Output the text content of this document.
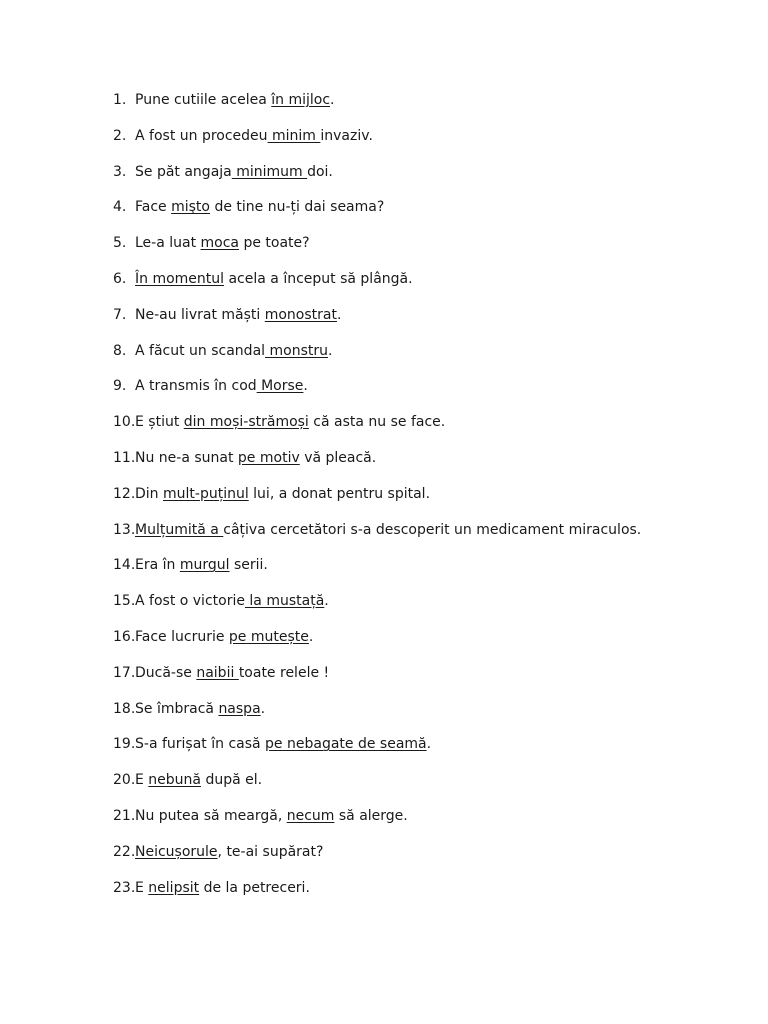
1. Pune cutiile acelea în mijloc.
2. A fost un procedeu minim invaziv.
3. Se păt angaja minimum doi.
4. Face mişto de tine nu-ți dai seama?
5. Le-a luat moca pe toate?
6. În momentul acela a început să plângă.
7. Ne-au livrat măști monostrat.
8. A făcut un scandal monstru.
9. A transmis în cod Morse.
10. E știut din moși-strămoși că asta nu se face.
11. Nu ne-a sunat pe motiv vă pleacă.
12. Din mult-puținul lui, a donat pentru spital.
13. Mulțumită a câțiva cercetători s-a descoperit un medicament miraculos.
14. Era în murgul serii.
15. A fost o victorie la mustață.
16. Face lucrurie pe mutește.
17. Ducă-se naibii toate relele !
18. Se îmbracă naspa.
19. S-a furișat în casă pe nebagate de seamă.
20. E nebună după el.
21. Nu putea să meargă, necum să alerge.
22. Neicușorule, te-ai supărat?
23. E nelipsit de la petreceri.
